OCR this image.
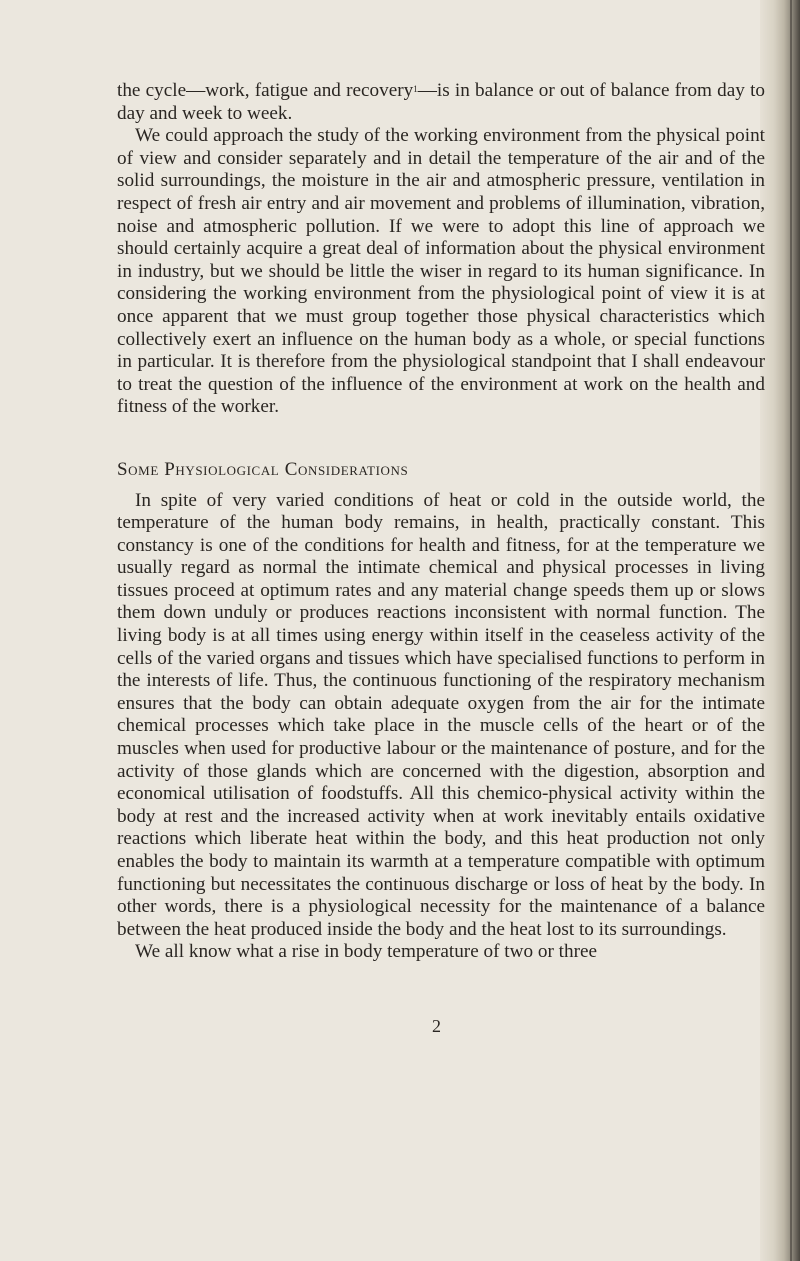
the cycle—work, fatigue and recovery$^1$—is in balance or out of balance from day to day and week to week.

We could approach the study of the working environment from the physical point of view and consider separately and in detail the temperature of the air and of the solid surroundings, the moisture in the air and atmospheric pressure, ventilation in respect of fresh air entry and air movement and problems of illumination, vibration, noise and atmospheric pollution. If we were to adopt this line of approach we should certainly acquire a great deal of information about the physical environment in industry, but we should be little the wiser in regard to its human significance. In considering the working environment from the physiological point of view it is at once apparent that we must group together those physical characteristics which collectively exert an influence on the human body as a whole, or special functions in particular. It is therefore from the physiological standpoint that I shall endeavour to treat the question of the influence of the environment at work on the health and fitness of the worker.

Some Physiological Considerations

In spite of very varied conditions of heat or cold in the outside world, the temperature of the human body remains, in health, practically constant. This constancy is one of the conditions for health and fitness, for at the temperature we usually regard as normal the intimate chemical and physical processes in living tissues proceed at optimum rates and any material change speeds them up or slows them down unduly or produces reactions inconsistent with normal function. The living body is at all times using energy within itself in the ceaseless activity of the cells of the varied organs and tissues which have specialised functions to perform in the interests of life. Thus, the continuous functioning of the respiratory mechanism ensures that the body can obtain adequate oxygen from the air for the intimate chemical processes which take place in the muscle cells of the heart or of the muscles when used for productive labour or the maintenance of posture, and for the activity of those glands which are concerned with the digestion, absorption and economical utilisation of foodstuffs. All this chemico-physical activity within the body at rest and the increased activity when at work inevitably entails oxidative reactions which liberate heat within the body, and this heat production not only enables the body to maintain its warmth at a temperature compatible with optimum functioning but necessitates the continuous discharge or loss of heat by the body. In other words, there is a physiological necessity for the maintenance of a balance between the heat produced inside the body and the heat lost to its surroundings.

We all know what a rise in body temperature of two or three

2
